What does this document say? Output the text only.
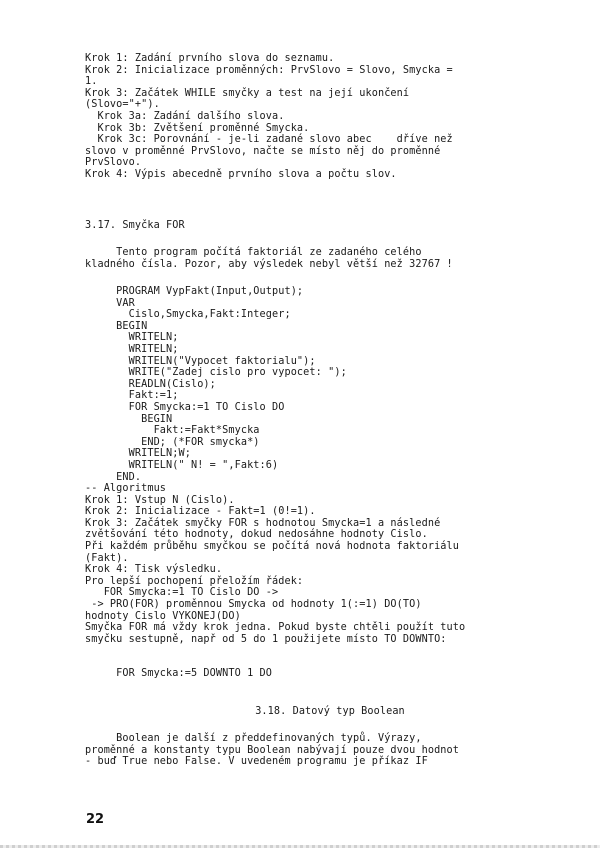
Krok 1: Zadání prvního slova do seznamu.
Krok 2: Inicializace proměnných: PrvSlovo = Slovo, Smycka =
1.
Krok 3: Začátek WHILE smyčky a test na její ukončení
(Slovo="+").
Krok 3a: Zadání dalšího slova.
Krok 3b: Zvětšení proměnné Smycka.
Krok 3c: Porovnání - je-li zadané slovo abec    dříve než
slovo v proměnné PrvSlovo, načte se místo něj do proměnné
PrvSlovo.
Krok 4: Výpis abecedně prvního slova a počtu slov.
3.17. Smyčka FOR
Tento program počítá faktoriál ze zadaného celého
kladného čísla. Pozor, aby výsledek nebyl větší než 32767 !
PROGRAM VypFakt(Input,Output);
VAR
Cislo,Smycka,Fakt:Integer;
BEGIN
WRITELN;
WRITELN;
WRITELN("Vypocet faktorialu");
WRITE("Zadej cislo pro vypocet: ");
READLN(Cislo);
Fakt:=1;
FOR Smycka:=1 TO Cislo DO
BEGIN
Fakt:=Fakt*Smycka
END; (*FOR smycka*)
WRITELN;W;
WRITELN(" N! = ",Fakt:6)
END.
-- Algoritmus
Krok 1: Vstup N (Cislo).
Krok 2: Inicializace - Fakt=1 (0!=1).
Krok 3: Začátek smyčky FOR s hodnotou Smycka=1 a následné
zvětšování této hodnoty, dokud nedosáhne hodnoty Cislo.
Při každém průběhu smyčkou se počítá nová hodnota faktoriálu
(Fakt).
Krok 4: Tisk výsledku.
Pro lepší pochopení přeložím řádek:
FOR Smycka:=1 TO Cislo DO ->
-> PRO(FOR) proměnnou Smycka od hodnoty 1(:=1) DO(TO)
hodnoty Cislo VYKONEJ(DO)
Smyčka FOR má vždy krok jedna. Pokud byste chtěli použít tuto
smyčku sestupně, např od 5 do 1 použijete místo TO DOWNTO:
FOR Smycka:=5 DOWNTO 1 DO
3.18. Datový typ Boolean
Boolean je další z předdefinovaných typů. Výrazy,
proměnné a konstanty typu Boolean nabývají pouze dvou hodnot
- buď True nebo False. V uvedeném programu je příkaz IF
22
